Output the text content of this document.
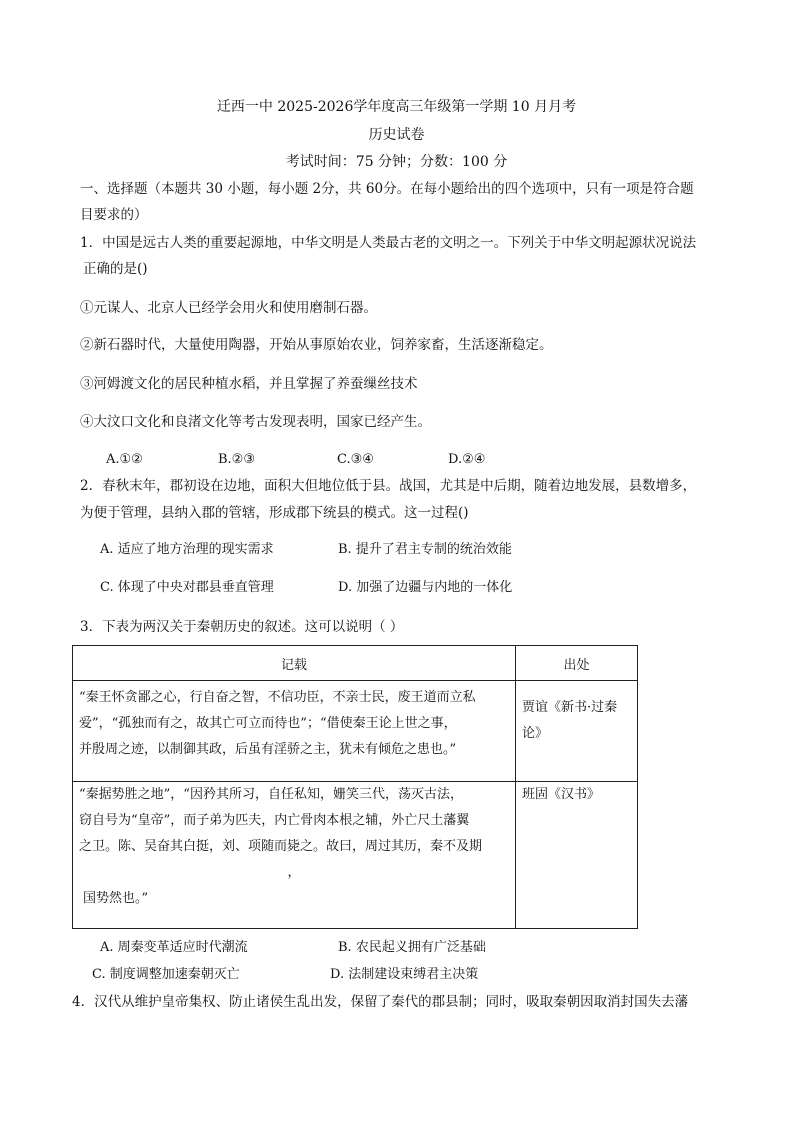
迁西一中 2025-2026学年度高三年级第一学期 10 月月考
历史试卷
考试时间：75 分钟；分数：100 分
一、选择题（本题共 30 小题，每小题 2分，共 60分。在每小题给出的四个选项中，只有一项是符合题
目要求的）
1．中国是远古人类的重要起源地，中华文明是人类最古老的文明之一。下列关于中华文明起源状况说法
正确的是()
①元谋人、北京人已经学会用火和使用磨制石器。
②新石器时代，大量使用陶器，开始从事原始农业，饲养家畜，生活逐渐稳定。
③河姆渡文化的居民种植水稻，并且掌握了养蚕缫丝技术
④大汶口文化和良渚文化等考古发现表明，国家已经产生。
A.①②	B.②③	C.③④	D.②④
2．春秋末年，郡初设在边地，面积大但地位低于县。战国，尤其是中后期，随着边地发展，县数增多，
为便于管理，县纳入郡的管辖，形成郡下统县的模式。这一过程()
A. 适应了地方治理的现实需求	B. 提升了君主专制的统治效能
C. 体现了中央对郡县垂直管理	D. 加强了边疆与内地的一体化
3．下表为两汉关于秦朝历史的叙述。这可以说明（ ）
记载	出处

“秦王怀贪鄙之心，行自奋之智，不信功臣，不亲士民，废王道而立私
爱”，“孤独而有之，故其亡可立而待也”；“借使秦王论上世之事，
并殷周之迹，以制御其政，后虽有淫骄之主，犹未有倾危之患也。”	贾谊《新书·过秦论》

“秦据势胜之地”，“因矜其所习，自任私知，姗笑三代，荡灭古法，
窃自号为“皇帝”，而子弟为匹夫，内亡骨肉本根之辅，外亡尺土藩翼
之卫。陈、吴奋其白挺，刘、项随而毙之。故曰，周过其历，秦不及期
，
国势然也。”	班固《汉书》
A. 周秦变革适应时代潮流	B. 农民起义拥有广泛基础
C. 制度调整加速秦朝灭亡	D. 法制建设束缚君主决策
4．汉代从维护皇帝集权、防止诸侯生乱出发，保留了秦代的郡县制；同时，吸取秦朝因取消封国失去藩
